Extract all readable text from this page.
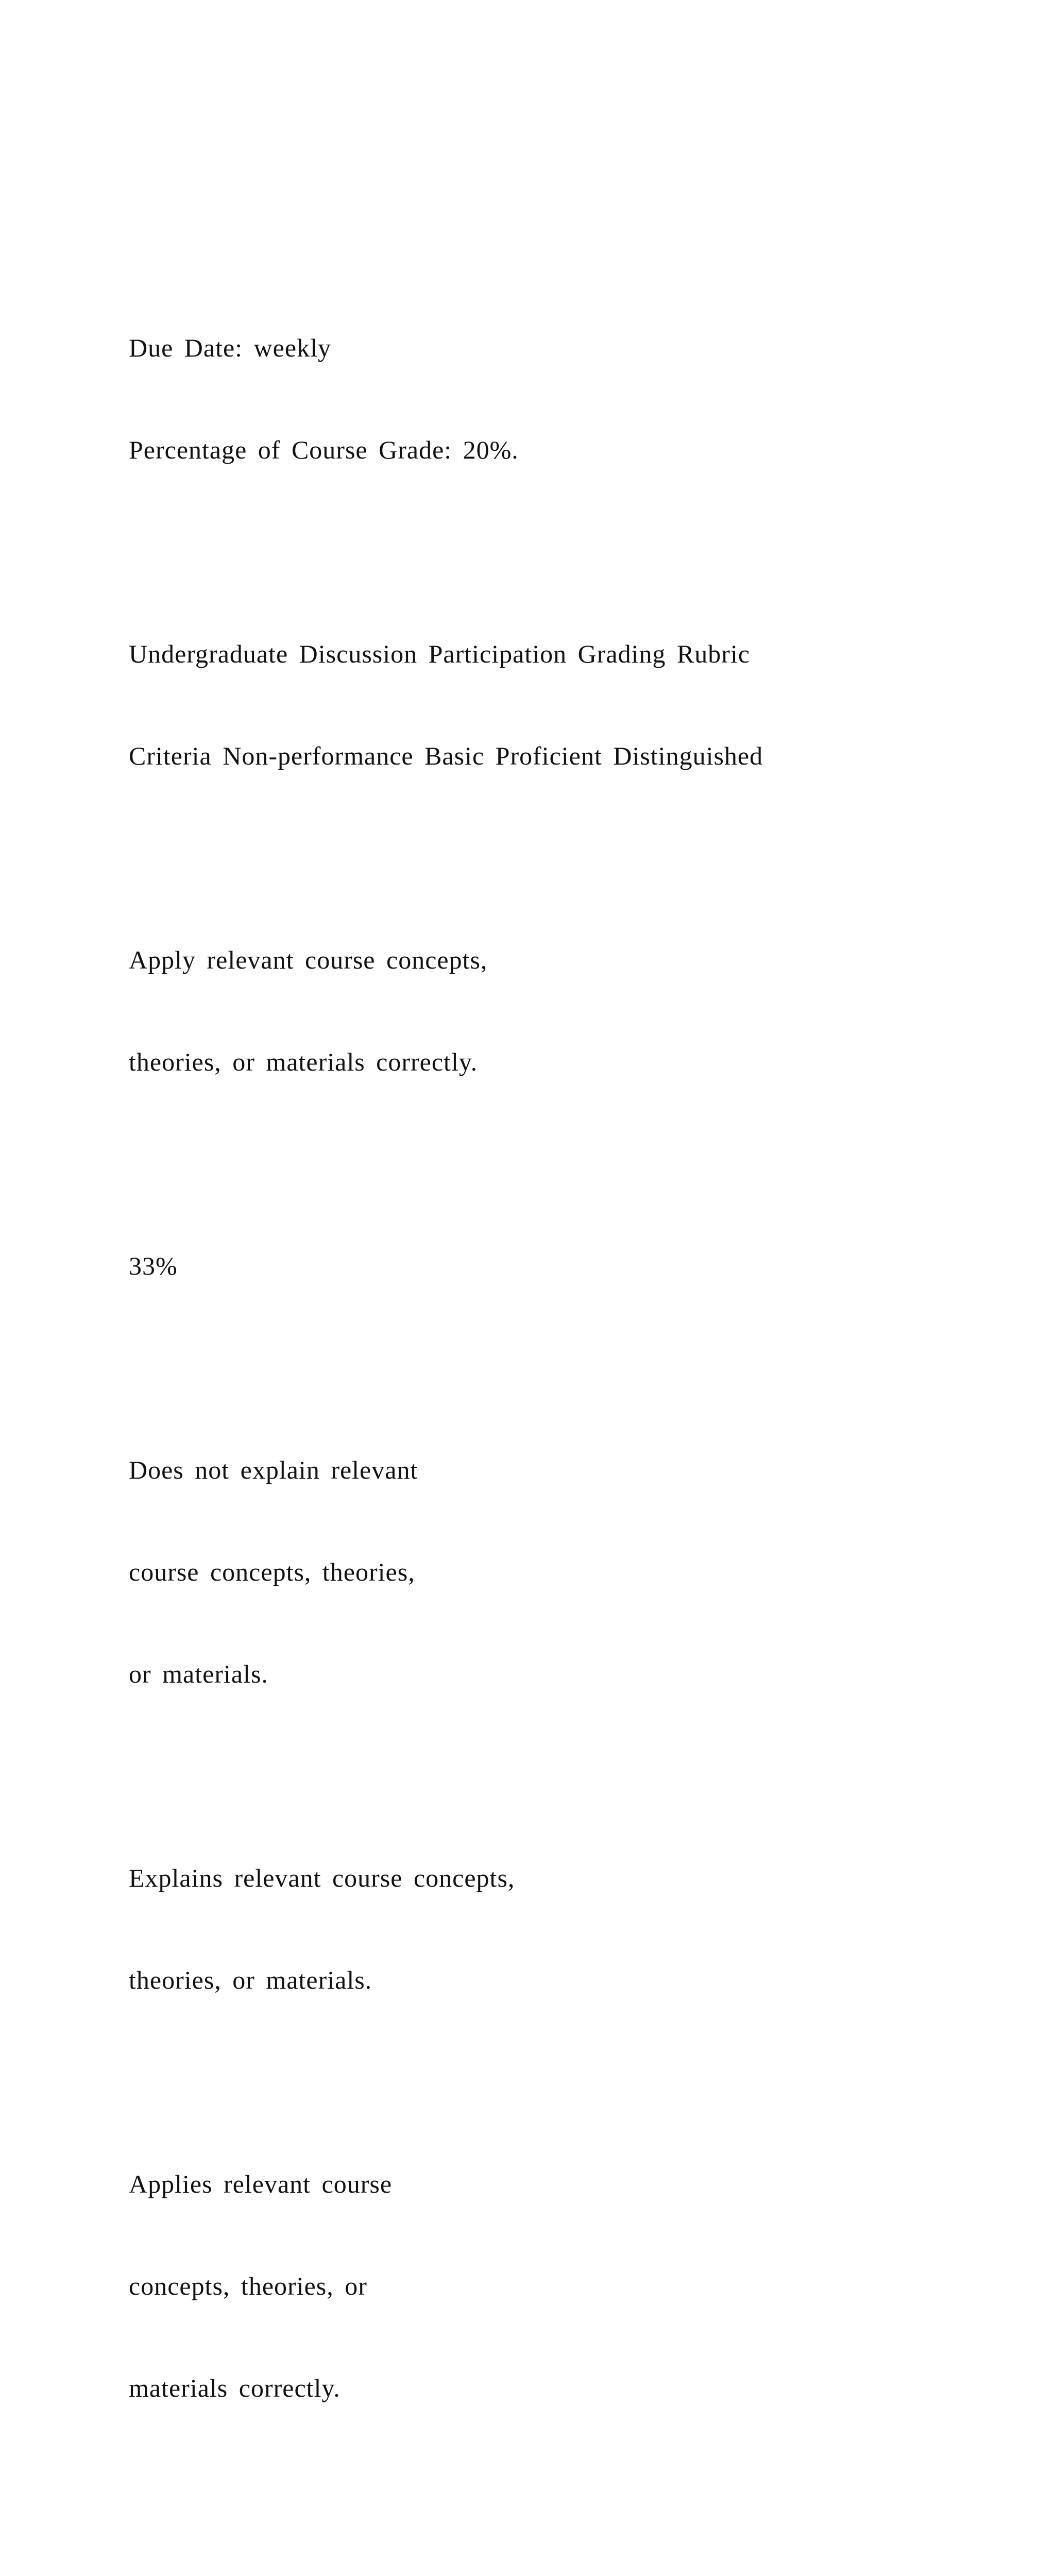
Due Date: weekly

Percentage of Course Grade: 20%.

Undergraduate Discussion Participation Grading Rubric

Criteria Non-performance Basic Proficient Distinguished

Apply relevant course concepts,

theories, or materials correctly.

33%

Does not explain relevant

course concepts, theories,

or materials.

Explains relevant course concepts,

theories, or materials.

Applies relevant course

concepts, theories, or

materials correctly.
